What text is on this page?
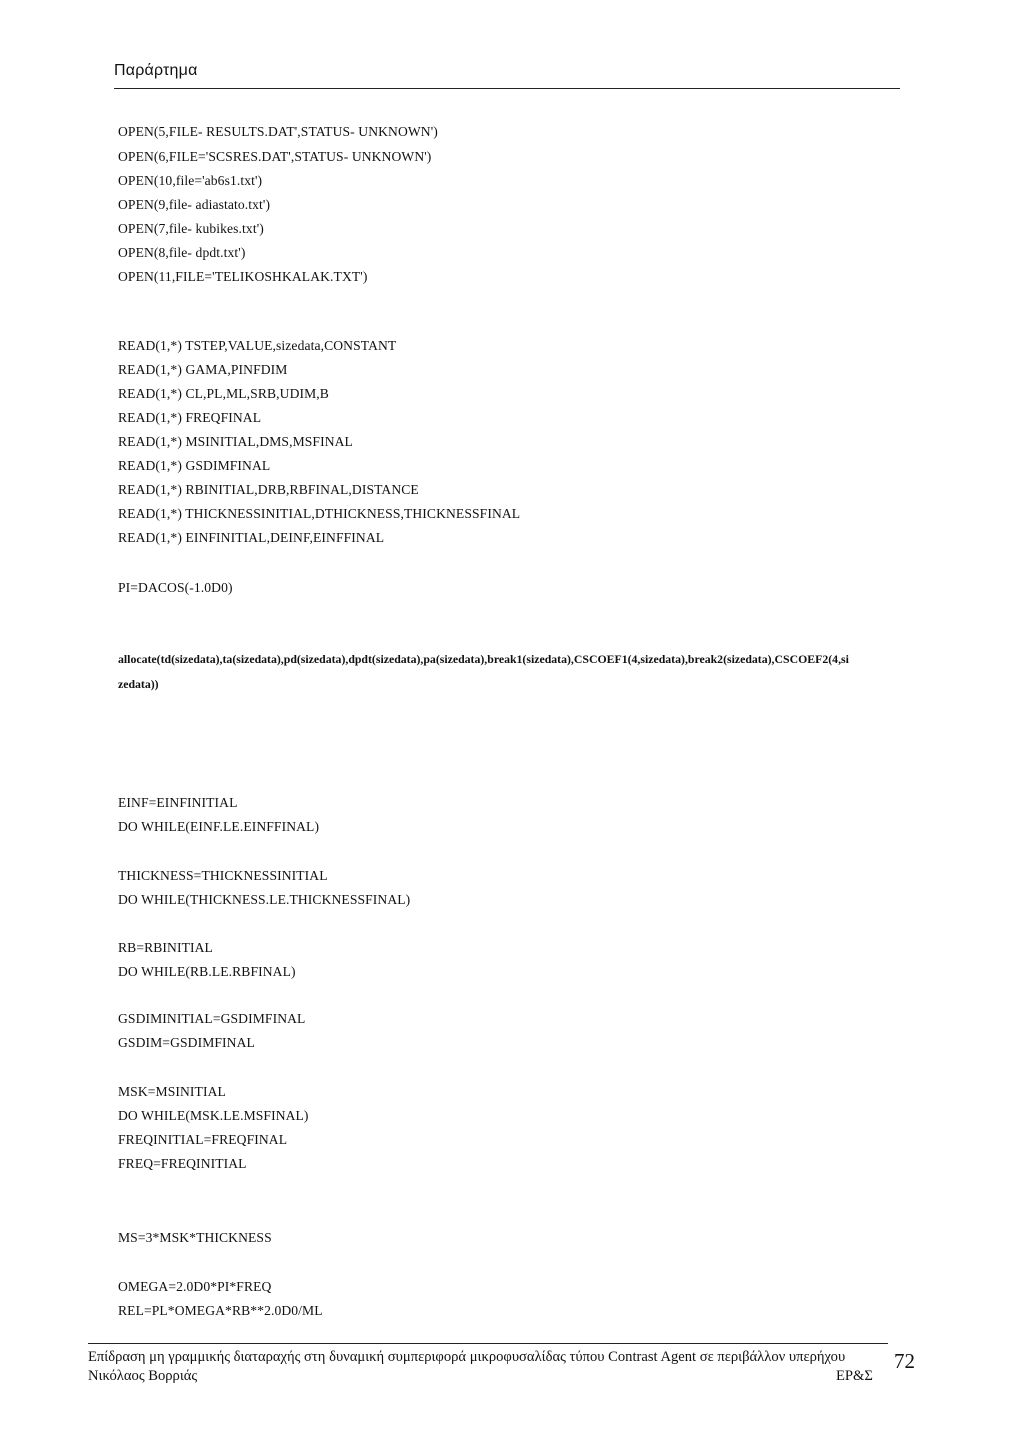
Παράρτημα
OPEN(5,FILE- RESULTS.DAT',STATUS- UNKNOWN')
OPEN(6,FILE='SCSRES.DAT',STATUS- UNKNOWN')
OPEN(10,file='ab6s1.txt')
OPEN(9,file- adiastato.txt')
OPEN(7,file- kubikes.txt')
OPEN(8,file- dpdt.txt')
OPEN(11,FILE='TELIKOSHKALAK.TXT')
READ(1,*) TSTEP,VALUE,sizedata,CONSTANT
READ(1,*) GAMA,PINFDIM
READ(1,*) CL,PL,ML,SRB,UDIM,B
READ(1,*) FREQFINAL
READ(1,*) MSINITIAL,DMS,MSFINAL
READ(1,*) GSDIMFINAL
READ(1,*) RBINITIAL,DRB,RBFINAL,DISTANCE
READ(1,*) THICKNESSINITIAL,DTHICKNESS,THICKNESSFINAL
READ(1,*) EINFINITIAL,DEINF,EINFFINAL
PI=DACOS(-1.0D0)
allocate(td(sizedata),ta(sizedata),pd(sizedata),dpdt(sizedata),pa(sizedata),break1(sizedata),CSCOEF1(4,sizedata),break2(sizedata),CSCOEF2(4,si
zedata))
EINF=EINFINITIAL
DO WHILE(EINF.LE.EINFFINAL)
THICKNESS=THICKNESSINITIAL
DO WHILE(THICKNESS.LE.THICKNESSFINAL)
RB=RBINITIAL
DO WHILE(RB.LE.RBFINAL)
GSDIMINITIAL=GSDIMFINAL
GSDIM=GSDIMFINAL
MSK=MSINITIAL
DO WHILE(MSK.LE.MSFINAL)
FREQINITIAL=FREQFINAL
FREQ=FREQINITIAL
MS=3*MSK*THICKNESS
OMEGA=2.0D0*PI*FREQ
REL=PL*OMEGA*RB**2.0D0/ML
Επίδραση μη γραμμικής διαταραχής στη δυναμική συμπεριφορά μικροφυσαλίδας τύπου Contrast Agent σε περιβάλλον υπερήχου
Νικόλαος Βορριάς	ΕΡ&Σ
72
